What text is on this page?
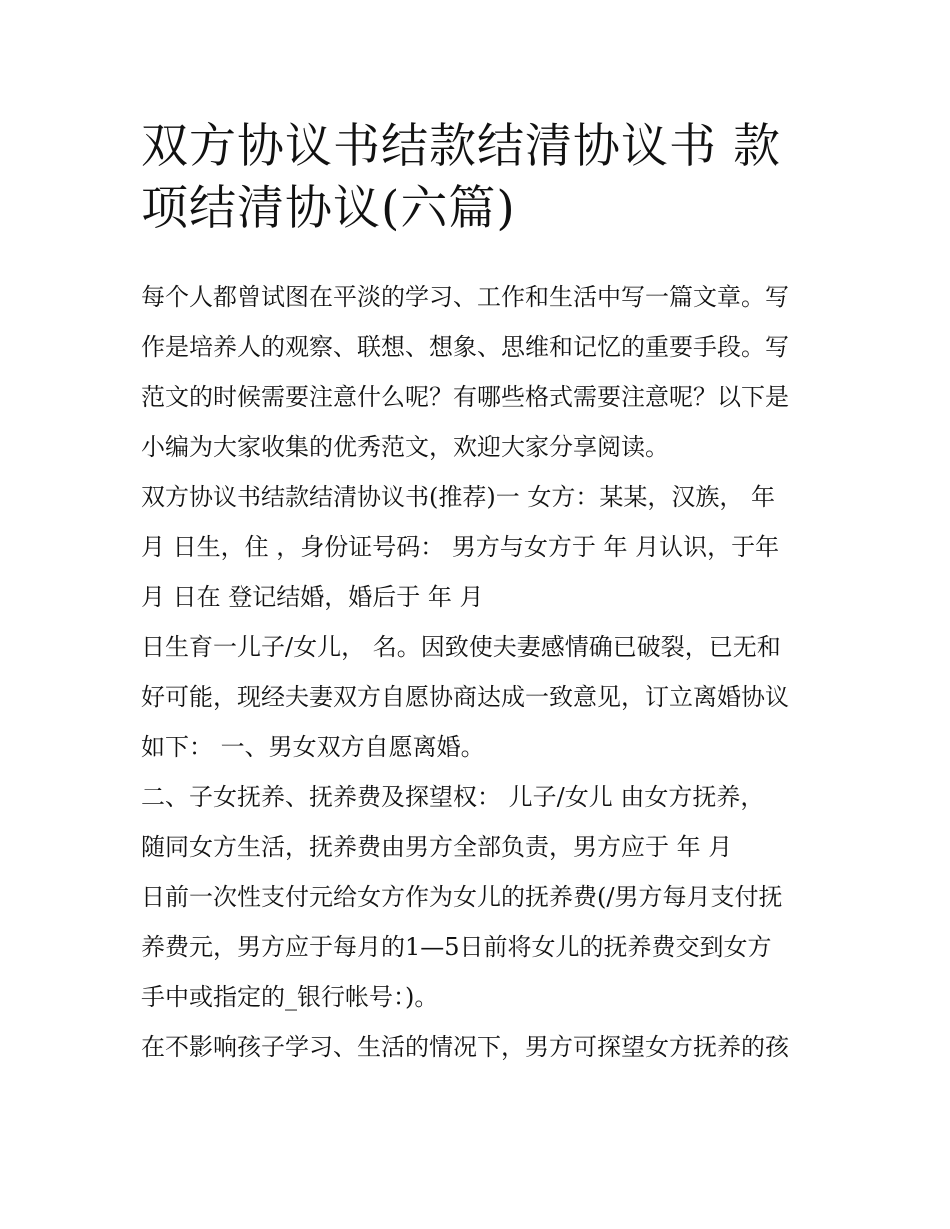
双方协议书结款结清协议书 款
项结清协议(六篇)
每个人都曾试图在平淡的学习、工作和生活中写一篇文章。写
作是培养人的观察、联想、想象、思维和记忆的重要手段。写
范文的时候需要注意什么呢？有哪些格式需要注意呢？以下是
小编为大家收集的优秀范文，欢迎大家分享阅读。
双方协议书结款结清协议书(推荐)一 女方：某某，汉族， 年
月 日生，住 ，身份证号码： 男方与女方于 年 月认识，于年
月 日在 登记结婚，婚后于 年 月
日生育一儿子/女儿， 名。因致使夫妻感情确已破裂，已无和
好可能，现经夫妻双方自愿协商达成一致意见，订立离婚协议
如下： 一、男女双方自愿离婚。
二、子女抚养、抚养费及探望权： 儿子/女儿 由女方抚养，
随同女方生活，抚养费由男方全部负责，男方应于 年 月
日前一次性支付元给女方作为女儿的抚养费(/男方每月支付抚
养费元，男方应于每月的1—5日前将女儿的抚养费交到女方
手中或指定的_银行帐号：)。
在不影响孩子学习、生活的情况下，男方可探望女方抚养的孩
